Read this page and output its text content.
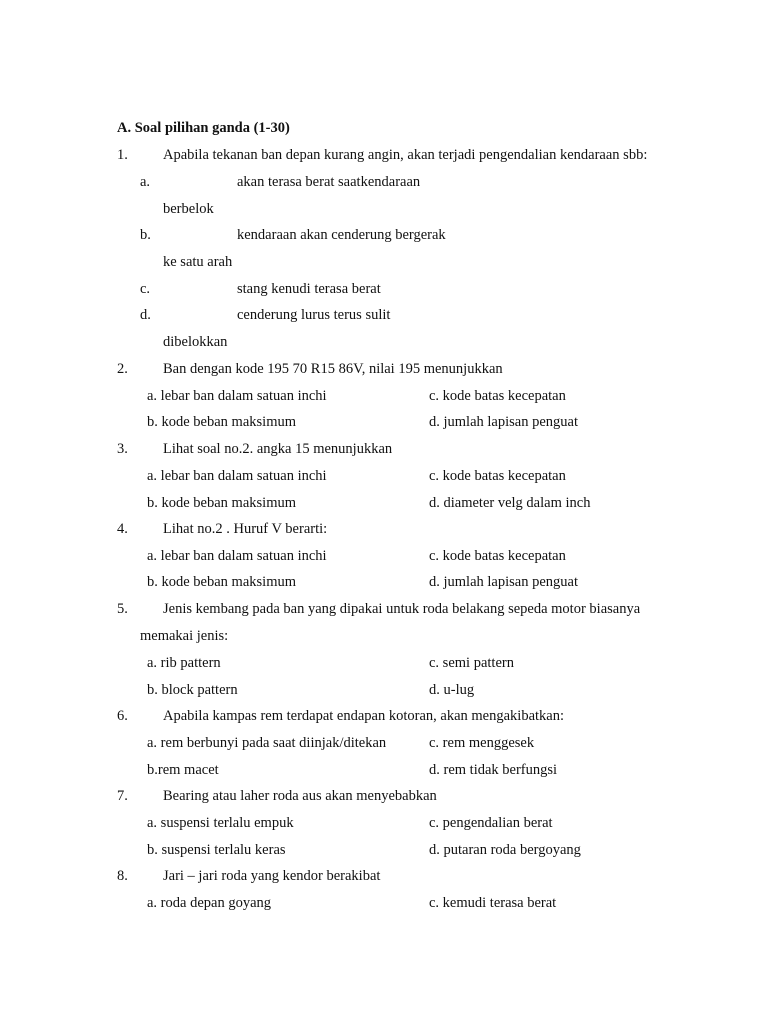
A. Soal pilihan ganda (1-30)
1. Apabila tekanan ban depan kurang angin, akan terjadi pengendalian kendaraan sbb:
a.	akan terasa berat saatkendaraan
berbelok
b.	kendaraan akan cenderung bergerak
ke satu arah
c.	stang kenudi terasa berat
d.	cenderung lurus terus sulit
dibelokkan
2. Ban dengan kode 195 70 R15 86V, nilai 195 menunjukkan
a. lebar ban dalam satuan inchi	c. kode batas kecepatan
b. kode beban maksimum	d. jumlah lapisan penguat
3. Lihat soal no.2. angka 15 menunjukkan
a. lebar ban dalam satuan inchi	c. kode batas kecepatan
b. kode beban maksimum	d. diameter velg dalam inch
4. Lihat no.2 . Huruf V berarti:
a. lebar ban dalam satuan inchi	c. kode batas kecepatan
b. kode beban maksimum	d. jumlah lapisan penguat
5. Jenis kembang pada ban yang dipakai untuk roda belakang sepeda motor biasanya
memakai jenis:
a. rib pattern	c. semi pattern
b. block pattern	d. u-lug
6. Apabila kampas rem terdapat endapan kotoran, akan mengakibatkan:
a. rem berbunyi pada saat diinjak/ditekan	c. rem menggesek
b.rem macet	d. rem tidak berfungsi
7. Bearing atau laher roda aus akan menyebabkan
a. suspensi terlalu empuk	c. pengendalian berat
b. suspensi terlalu keras	d. putaran roda bergoyang
8. Jari – jari roda yang kendor berakibat
a. roda depan goyang	c. kemudi terasa berat
